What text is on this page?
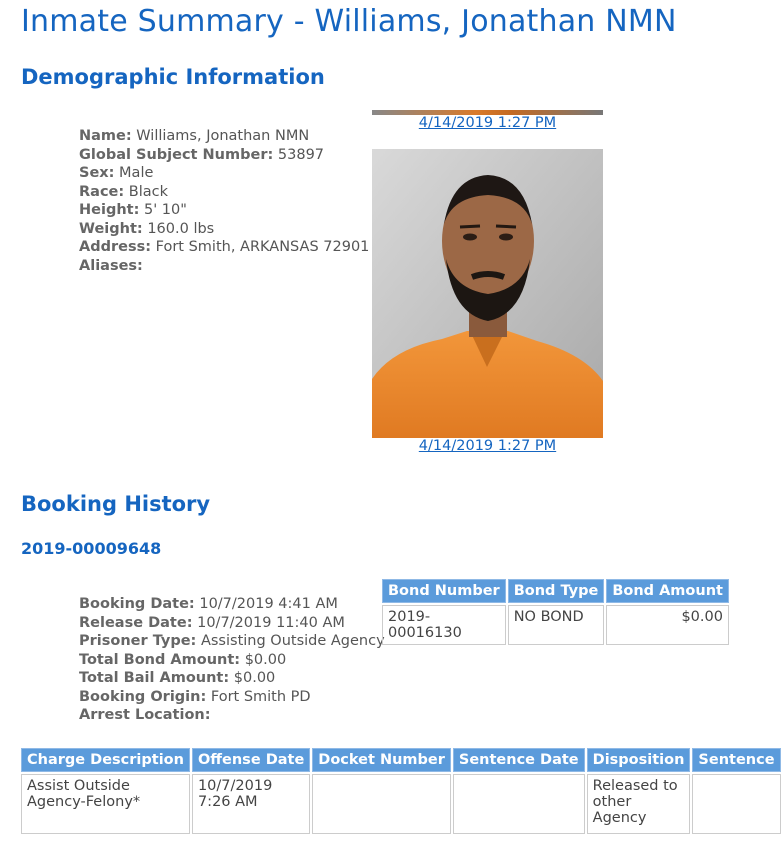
Inmate Summary - Williams, Jonathan NMN
Demographic Information
Name: Williams, Jonathan NMN
Global Subject Number: 53897
Sex: Male
Race: Black
Height: 5' 10"
Weight: 160.0 lbs
Address: Fort Smith, ARKANSAS 72901
Aliases:
4/14/2019 1:27 PM
4/14/2019 1:27 PM
Booking History
2019-00009648
Booking Date: 10/7/2019 4:41 AM
Release Date: 10/7/2019 11:40 AM
Prisoner Type: Assisting Outside Agency
Total Bond Amount: $0.00
Total Bail Amount: $0.00
Booking Origin: Fort Smith PD
Arrest Location:
Bond Number	Bond Type	Bond Amount
2019-00016130	NO BOND	$0.00
Charge Description	Offense Date	Docket Number	Sentence Date	Disposition	Sentence
Assist Outside Agency-Felony*	10/7/2019 7:26 AM			Released to other Agency	
